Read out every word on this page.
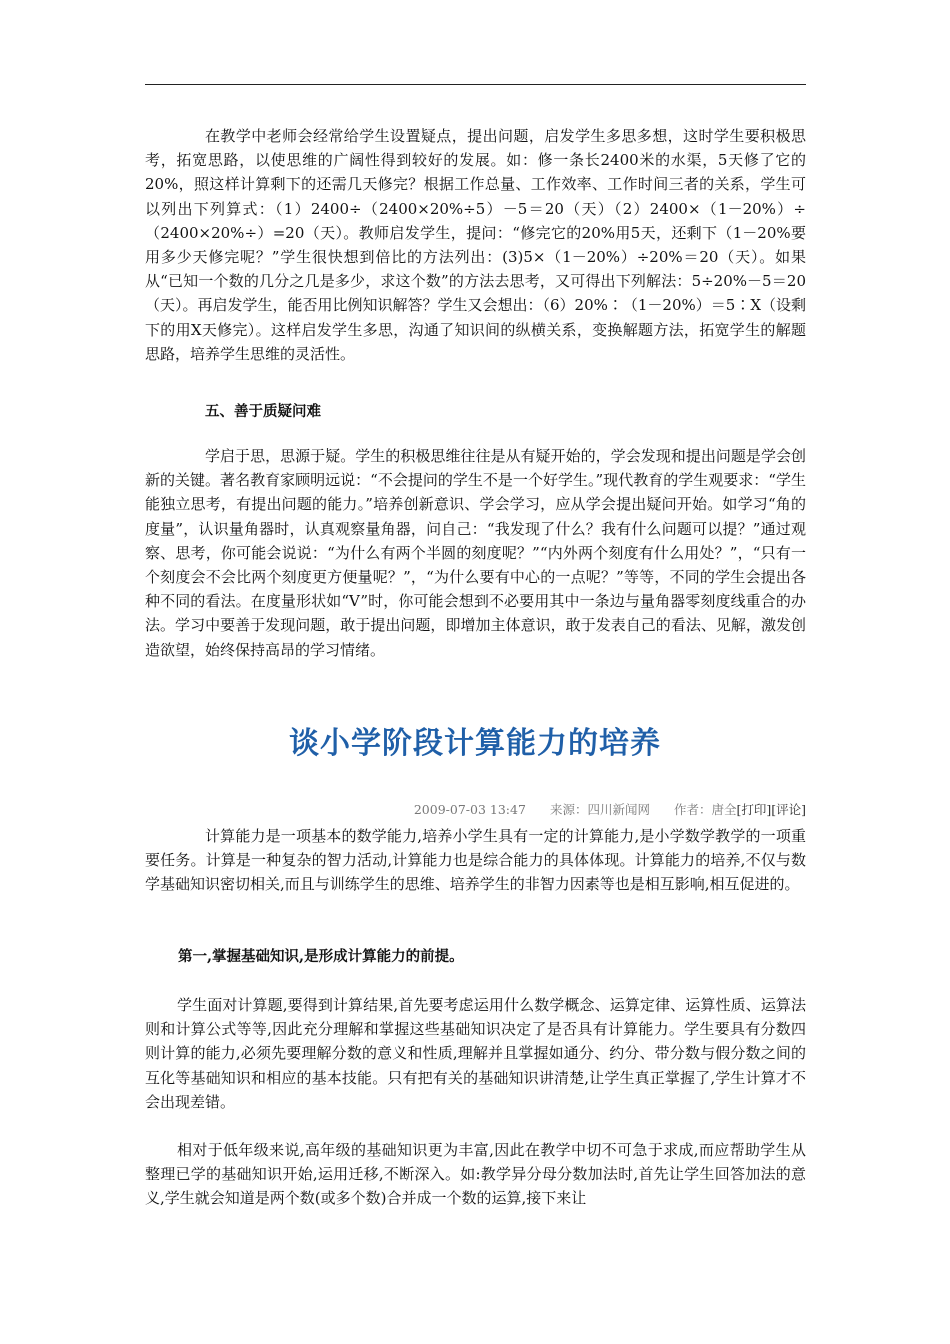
在教学中老师会经常给学生设置疑点，提出问题，启发学生多思多想，这时学生要积极思考，拓宽思路，以使思维的广阔性得到较好的发展。如：修一条长2400米的水渠，5天修了它的20%，照这样计算剩下的还需几天修完？根据工作总量、工作效率、工作时间三者的关系，学生可以列出下列算式：（1）2400÷（2400×20%÷5）－5＝20（天）（2）2400×（1－20%）÷（2400×20%÷）=20（天）。教师启发学生，提问：“修完它的20%用5天，还剩下（1－20%要用多少天修完呢？”学生很快想到倍比的方法列出：(3)5×（1－20%）÷20%＝20（天）。如果从“已知一个数的几分之几是多少，求这个数”的方法去思考，又可得出下列解法：5÷20%－5＝20（天）。再启发学生，能否用比例知识解答？学生又会想出：（6）20%∶（1－20%）＝5∶X（设剩下的用X天修完）。这样启发学生多思，沟通了知识间的纵横关系，变换解题方法，拓宽学生的解题思路，培养学生思维的灵活性。

五、善于质疑问难

学启于思，思源于疑。学生的积极思维往往是从有疑开始的，学会发现和提出问题是学会创新的关键。著名教育家顾明远说：“不会提问的学生不是一个好学生。”现代教育的学生观要求：“学生能独立思考，有提出问题的能力。”培养创新意识、学会学习，应从学会提出疑问开始。如学习“角的度量”，认识量角器时，认真观察量角器，问自己：“我发现了什么？我有什么问题可以提？”通过观察、思考，你可能会说说：“为什么有两个半圆的刻度呢？”“内外两个刻度有什么用处？”，“只有一个刻度会不会比两个刻度更方便量呢？”，“为什么要有中心的一点呢？”等等，不同的学生会提出各种不同的看法。在度量形状如“V”时，你可能会想到不必要用其中一条边与量角器零刻度线重合的办法。学习中要善于发现问题，敢于提出问题，即增加主体意识，敢于发表自己的看法、见解，激发创造欲望，始终保持高昂的学习情绪。

谈小学阶段计算能力的培养
2009-07-03 13:47 来源：四川新闻网 作者：唐全[打印][评论]

计算能力是一项基本的数学能力,培养小学生具有一定的计算能力,是小学数学教学的一项重要任务。计算是一种复杂的智力活动,计算能力也是综合能力的具体体现。计算能力的培养,不仅与数学基础知识密切相关,而且与训练学生的思维、培养学生的非智力因素等也是相互影响,相互促进的。

第一,掌握基础知识,是形成计算能力的前提。

学生面对计算题,要得到计算结果,首先要考虑运用什么数学概念、运算定律、运算性质、运算法则和计算公式等等,因此充分理解和掌握这些基础知识决定了是否具有计算能力。学生要具有分数四则计算的能力,必须先要理解分数的意义和性质,理解并且掌握如通分、约分、带分数与假分数之间的互化等基础知识和相应的基本技能。只有把有关的基础知识讲清楚,让学生真正掌握了,学生计算才不会出现差错。

相对于低年级来说,高年级的基础知识更为丰富,因此在教学中切不可急于求成,而应帮助学生从整理已学的基础知识开始,运用迁移,不断深入。如:教学异分母分数加法时,首先让学生回答加法的意义,学生就会知道是两个数(或多个数)合并成一个数的运算,接下来让
